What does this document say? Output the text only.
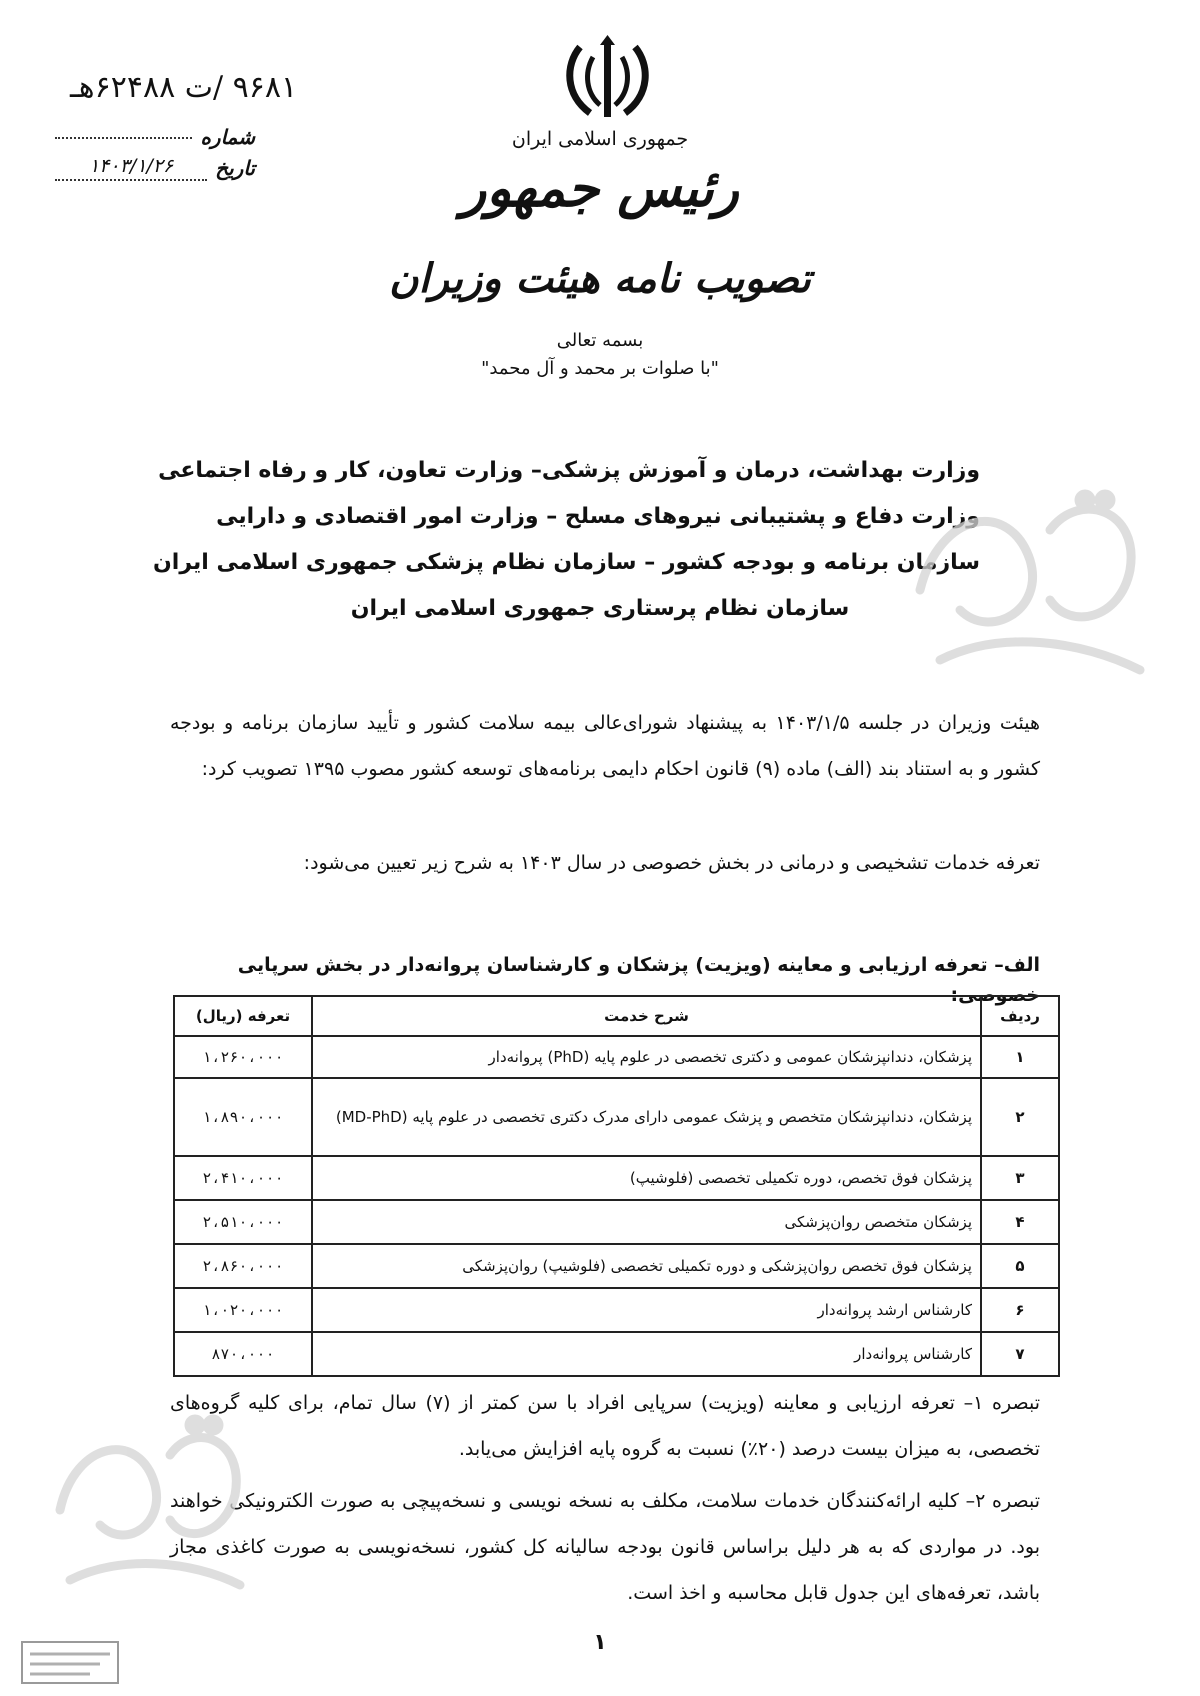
۹۶۸۱ /ت ۶۲۴۸۸هـ
شماره
تاریخ
۱۴۰۳/۱/۲۶
جمهوری اسلامی ایران
رئیس جمهور
تصویب نامه هیئت وزیران
بسمه تعالی
"با صلوات بر محمد و آل محمد"
وزارت بهداشت، درمان و آموزش پزشکی– وزارت تعاون، کار و رفاه اجتماعی
وزارت دفاع و پشتیبانی نیروهای مسلح – وزارت امور اقتصادی و دارایی
سازمان برنامه و بودجه کشور – سازمان نظام پزشکی جمهوری اسلامی ایران
سازمان نظام پرستاری جمهوری اسلامی ایران
هیئت وزیران در جلسه ۱۴۰۳/۱/۵ به پیشنهاد شورای‌عالی بیمه سلامت کشور و تأیید سازمان برنامه و بودجه کشور و به استناد بند (الف) ماده (۹) قانون احکام دایمی برنامه‌های توسعه کشور مصوب ۱۳۹۵ تصویب کرد:
تعرفه خدمات تشخیصی و درمانی در بخش خصوصی در سال ۱۴۰۳ به شرح زیر تعیین می‌شود:
الف– تعرفه ارزیابی و معاینه (ویزیت) پزشکان و کارشناسان پروانه‌دار در بخش سرپایی خصوصی:
ردیف	شرح خدمت	تعرفه (ریال)
۱	پزشکان، دندانپزشکان عمومی و دکتری تخصصی در علوم پایه (PhD) پروانه‌دار	۱،۲۶۰،۰۰۰
۲	پزشکان، دندانپزشکان متخصص و پزشک عمومی دارای مدرک دکتری تخصصی در علوم پایه (MD-PhD)	۱،۸۹۰،۰۰۰
۳	پزشکان فوق تخصص، دوره تکمیلی تخصصی (فلوشیپ)	۲،۴۱۰،۰۰۰
۴	پزشکان متخصص روان‌پزشکی	۲،۵۱۰،۰۰۰
۵	پزشکان فوق تخصص روان‌پزشکی و دوره تکمیلی تخصصی (فلوشیپ) روان‌پزشکی	۲،۸۶۰،۰۰۰
۶	کارشناس ارشد پروانه‌دار	۱،۰۲۰،۰۰۰
۷	کارشناس پروانه‌دار	۸۷۰،۰۰۰
تبصره ۱– تعرفه ارزیابی و معاینه (ویزیت) سرپایی افراد با سن کمتر از (۷) سال تمام، برای کلیه گروه‌های تخصصی، به میزان بیست درصد (۲۰٪) نسبت به گروه پایه افزایش می‌یابد.
تبصره ۲– کلیه ارائه‌کنندگان خدمات سلامت، مکلف به نسخه نویسی و نسخه‌پیچی به صورت الکترونیکی خواهند بود. در مواردی که به هر دلیل براساس قانون بودجه سالیانه کل کشور، نسخه‌نویسی به صورت کاغذی مجاز باشد، تعرفه‌های این جدول قابل محاسبه و اخذ است.
۱
